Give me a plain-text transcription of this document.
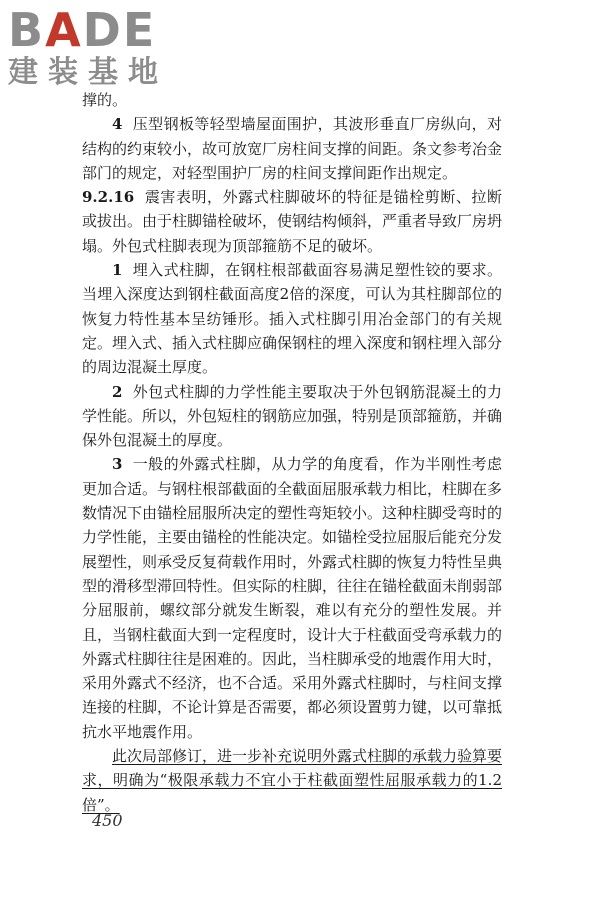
BADE
建装基地

撑的。

4 压型钢板等轻型墙屋面围护，其波形垂直厂房纵向，对结构的约束较小，故可放宽厂房柱间支撑的间距。条文参考冶金部门的规定，对轻型围护厂房的柱间支撑间距作出规定。

9.2.16 震害表明，外露式柱脚破坏的特征是锚栓剪断、拉断或拔出。由于柱脚锚栓破坏，使钢结构倾斜，严重者导致厂房坍塌。外包式柱脚表现为顶部箍筋不足的破坏。

1 埋入式柱脚，在钢柱根部截面容易满足塑性铰的要求。当埋入深度达到钢柱截面高度2倍的深度，可认为其柱脚部位的恢复力特性基本呈纺锤形。插入式柱脚引用冶金部门的有关规定。埋入式、插入式柱脚应确保钢柱的埋入深度和钢柱埋入部分的周边混凝土厚度。

2 外包式柱脚的力学性能主要取决于外包钢筋混凝土的力学性能。所以，外包短柱的钢筋应加强，特别是顶部箍筋，并确保外包混凝土的厚度。

3 一般的外露式柱脚，从力学的角度看，作为半刚性考虑更加合适。与钢柱根部截面的全截面屈服承载力相比，柱脚在多数情况下由锚栓屈服所决定的塑性弯矩较小。这种柱脚受弯时的力学性能，主要由锚栓的性能决定。如锚栓受拉屈服后能充分发展塑性，则承受反复荷载作用时，外露式柱脚的恢复力特性呈典型的滑移型滞回特性。但实际的柱脚，往往在锚栓截面未削弱部分屈服前，螺纹部分就发生断裂，难以有充分的塑性发展。并且，当钢柱截面大到一定程度时，设计大于柱截面受弯承载力的外露式柱脚往往是困难的。因此，当柱脚承受的地震作用大时，采用外露式不经济，也不合适。采用外露式柱脚时，与柱间支撑连接的柱脚，不论计算是否需要，都必须设置剪力键，以可靠抵抗水平地震作用。

此次局部修订，进一步补充说明外露式柱脚的承载力验算要求，明确为“极限承载力不宜小于柱截面塑性屈服承载力的1.2倍”。

450
